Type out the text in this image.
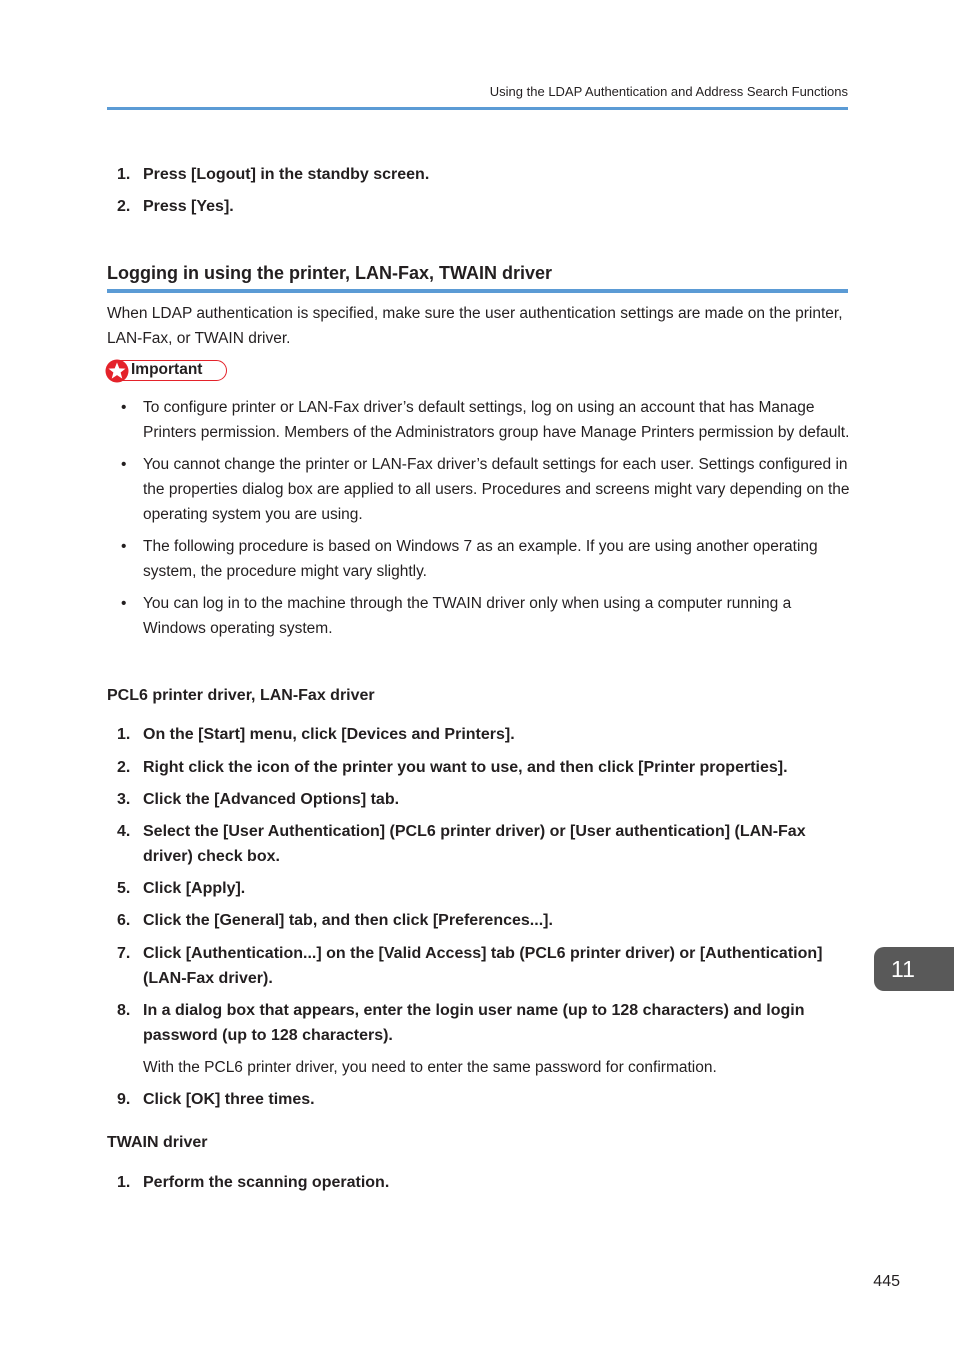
Using the LDAP Authentication and Address Search Functions
1. Press [Logout] in the standby screen.
2. Press [Yes].
Logging in using the printer, LAN-Fax, TWAIN driver

When LDAP authentication is specified, make sure the user authentication settings are made on the printer, LAN-Fax, or TWAIN driver.

Important
• To configure printer or LAN-Fax driver’s default settings, log on using an account that has Manage Printers permission. Members of the Administrators group have Manage Printers permission by default.
• You cannot change the printer or LAN-Fax driver’s default settings for each user. Settings configured in the properties dialog box are applied to all users. Procedures and screens might vary depending on the operating system you are using.
• The following procedure is based on Windows 7 as an example. If you are using another operating system, the procedure might vary slightly.
• You can log in to the machine through the TWAIN driver only when using a computer running a Windows operating system.
PCL6 printer driver, LAN-Fax driver
1. On the [Start] menu, click [Devices and Printers].
2. Right click the icon of the printer you want to use, and then click [Printer properties].
3. Click the [Advanced Options] tab.
4. Select the [User Authentication] (PCL6 printer driver) or [User authentication] (LAN-Fax driver) check box.
5. Click [Apply].
6. Click the [General] tab, and then click [Preferences...].
7. Click [Authentication...] on the [Valid Access] tab (PCL6 printer driver) or [Authentication] (LAN-Fax driver).
8. In a dialog box that appears, enter the login user name (up to 128 characters) and login password (up to 128 characters).
With the PCL6 printer driver, you need to enter the same password for confirmation.
9. Click [OK] three times.
TWAIN driver
1. Perform the scanning operation.
11
445
